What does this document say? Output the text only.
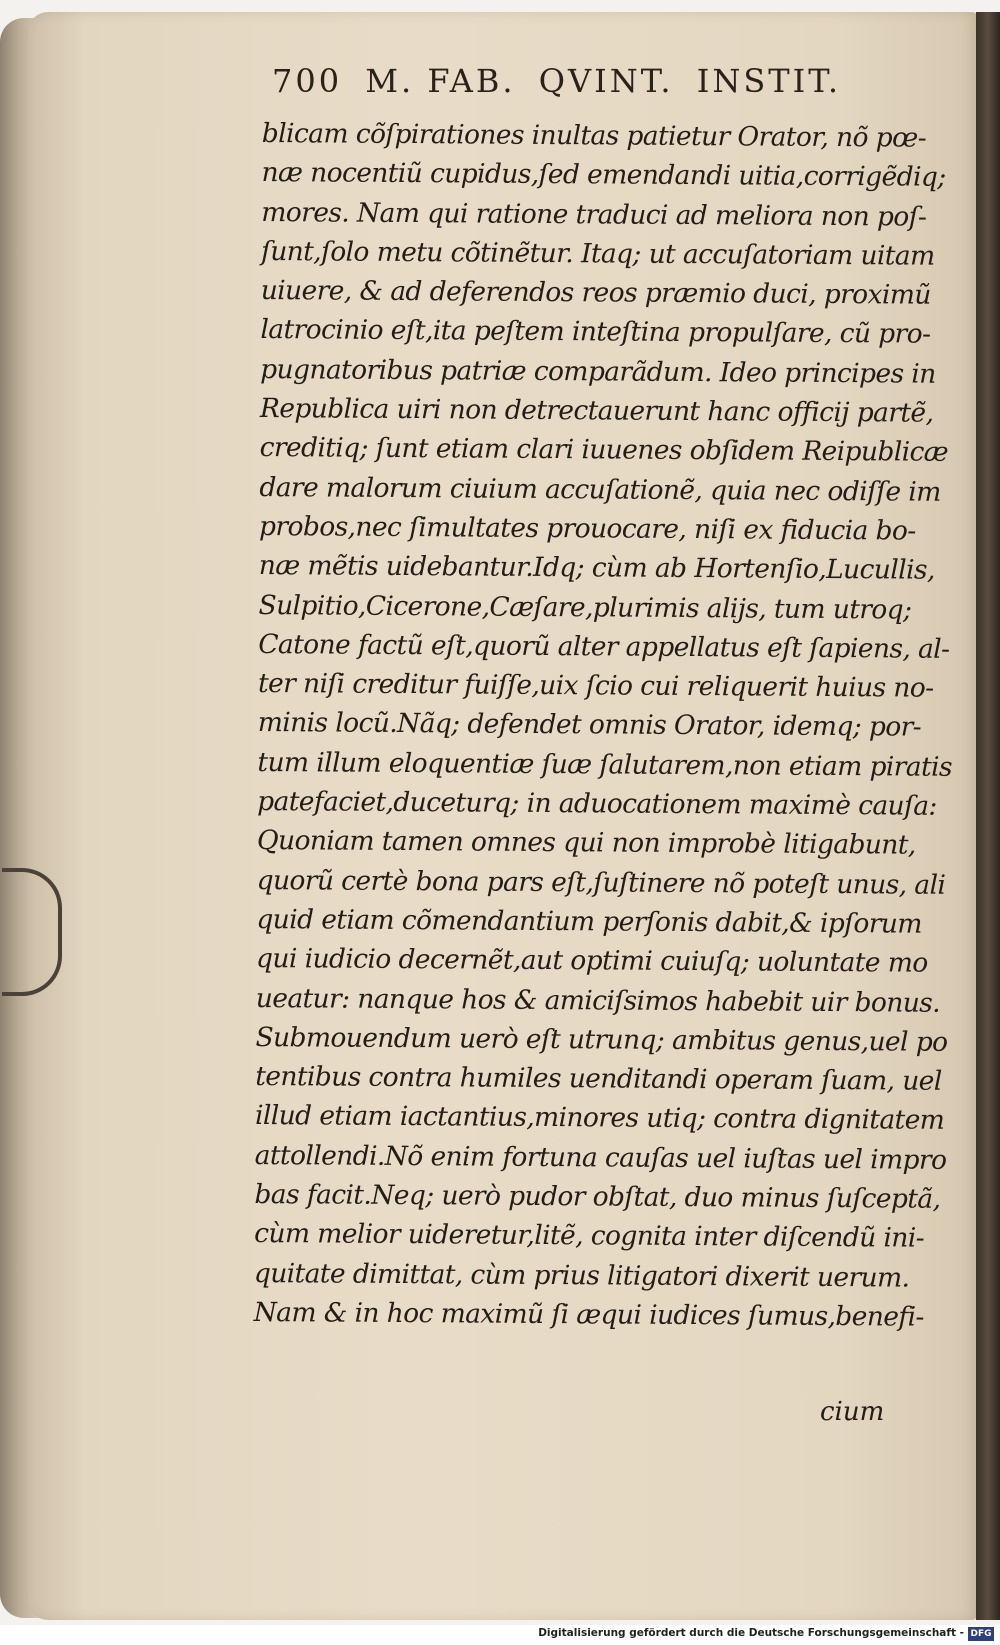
700 M. FAB. QVINT. INSTIT.
blicam cõſpirationes inultas patietur Orator, nõ pœ-
næ nocentiũ cupidus,ſed emendandi uitia,corrigẽdiq;
mores. Nam qui ratione traduci ad meliora non poſ-
ſunt,ſolo metu cõtinẽtur. Itaq; ut accuſatoriam uitam
uiuere, & ad deferendos reos præmio duci, proximũ
latrocinio eſt,ita peſtem inteſtina propulſare, cũ pro-
pugnatoribus patriæ comparãdum. Ideo principes in
Republica uiri non detrectauerunt hanc officij partẽ,
creditiq; ſunt etiam clari iuuenes obſidem Reipublicæ
dare malorum ciuium accuſationẽ, quia nec odiſſe im
probos,nec ſimultates prouocare, niſi ex fiducia bo-
næ mẽtis uidebantur.Idq; cùm ab Hortenſio,Lucullis,
Sulpitio,Cicerone,Cæſare,plurimis alijs, tum utroq;
Catone factũ eſt,quorũ alter appellatus eſt ſapiens, al-
ter niſi creditur fuiſſe,uix ſcio cui reliquerit huius no-
minis locũ.Nãq; defendet omnis Orator, idemq; por-
tum illum eloquentiæ ſuæ ſalutarem,non etiam piratis
patefaciet,duceturq; in aduocationem maximè cauſa:
Quoniam tamen omnes qui non improbè litigabunt,
quorũ certè bona pars eſt,ſuſtinere nõ poteſt unus, ali
quid etiam cõmendantium perſonis dabit,& ipſorum
qui iudicio decernẽt,aut optimi cuiuſq; uoluntate mo
ueatur: nanque hos & amiciſsimos habebit uir bonus.
Submouendum uerò eſt utrunq; ambitus genus,uel po
tentibus contra humiles uenditandi operam ſuam, uel
illud etiam iactantius,minores utiq; contra dignitatem
attollendi.Nõ enim fortuna cauſas uel iuſtas uel impro
bas facit.Neq; uerò pudor obſtat, duo minus ſuſceptã,
cùm melior uideretur,litẽ, cognita inter diſcendũ ini-
quitate dimittat, cùm prius litigatori dixerit uerum.
Nam & in hoc maximũ ſi æqui iudices ſumus,benefi-
cium
Digitalisierung gefördert durch die Deutsche Forschungsgemeinschaft - DFG
